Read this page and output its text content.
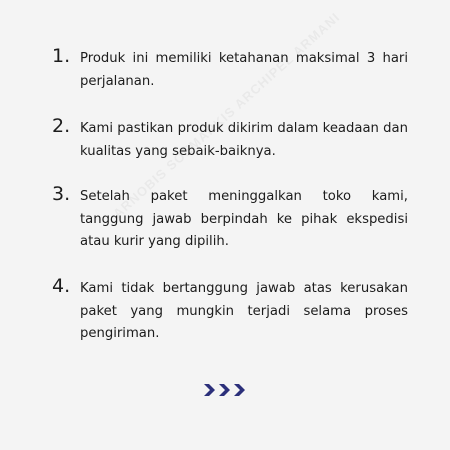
1. Produk ini memiliki ketahanan maksimal 3 hari perjalanan.
2. Kami pastikan produk dikirim dalam keadaan dan kualitas yang sebaik-baiknya.
3. Setelah paket meninggalkan toko kami, tanggung jawab berpindah ke pihak ekspedisi atau kurir yang dipilih.
4. Kami tidak bertanggung jawab atas kerusakan paket yang mungkin terjadi selama proses pengiriman.
